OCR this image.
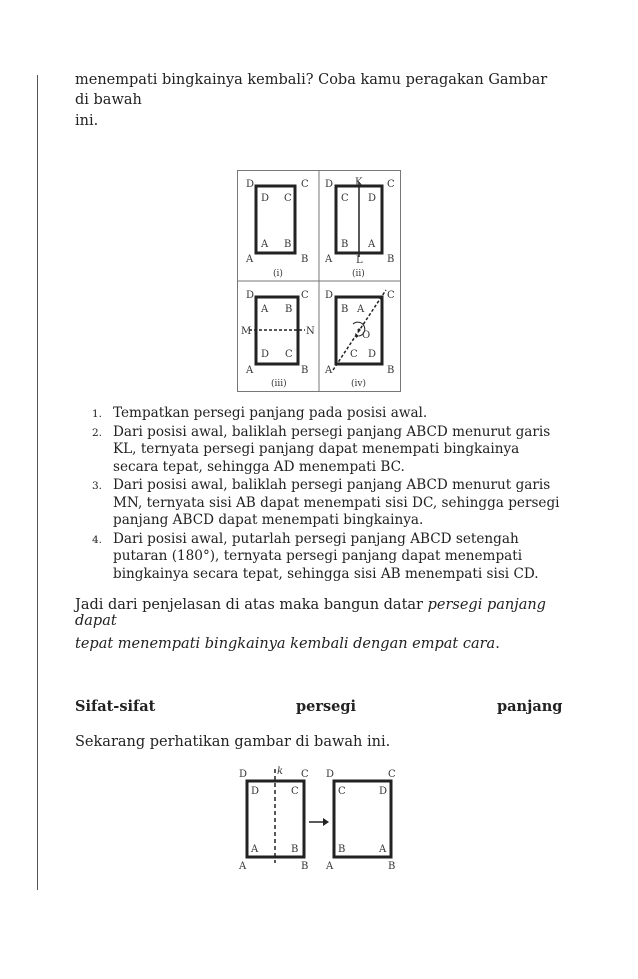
menempati bingkainya kembali? Coba kamu peragakan Gambar di bawah
ini.
D	C
A	B
D C
A B
(i)
D	C
A	B
K
L
C D
B A
(ii)
D	C
A	B
M	N
A B
D C
(iii)
D	C
A	B
O
B A
C D
(iv)
1. Tempatkan persegi panjang pada posisi awal.
2. Dari posisi awal, baliklah persegi panjang ABCD menurut garis KL, ternyata persegi panjang dapat menempati bingkainya secara tepat, sehingga AD menempati BC.
3. Dari posisi awal, baliklah persegi panjang ABCD menurut garis MN, ternyata sisi AB dapat menempati sisi DC, sehingga persegi panjang ABCD dapat menempati bingkainya.
4. Dari posisi awal, putarlah persegi panjang ABCD setengah putaran (180°), ternyata persegi panjang dapat menempati bingkainya secara tepat, sehingga sisi AB menempati sisi CD.
Jadi dari penjelasan di atas maka bangun datar persegi panjang dapat
tepat menempati bingkainya kembali dengan empat cara.
Sifat-sifat	persegi	panjang
Sekarang perhatikan gambar di bawah ini.
D	C
A	B
k
D	C
A	B
D	C
A	B
C	D
B	A
